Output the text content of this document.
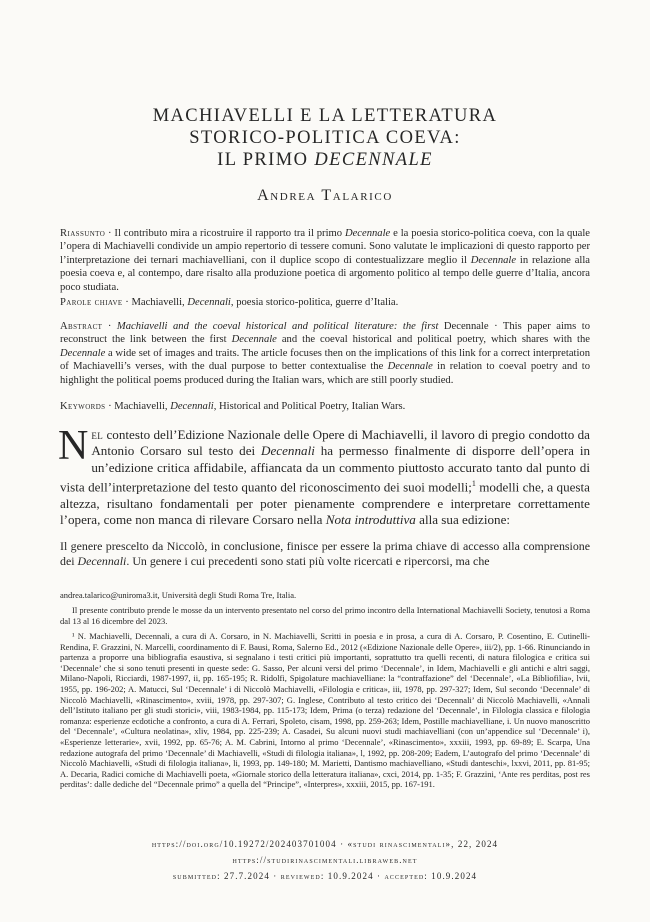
MACHIAVELLI E LA LETTERATURA
STORICO-POLITICA COEVA:
IL PRIMO DECENNALE
Andrea Talarico
Riassunto · Il contributo mira a ricostruire il rapporto tra il primo Decennale e la poesia storico-politica coeva, con la quale l’opera di Machiavelli condivide un ampio repertorio di tessere comuni. Sono valutate le implicazioni di questo rapporto per l’interpretazione dei ternari machiavelliani, con il duplice scopo di contestualizzare meglio il Decennale in relazione alla poesia coeva e, al contempo, dare risalto alla produzione poetica di argomento politico al tempo delle guerre d’Italia, ancora poco studiata.
Parole chiave · Machiavelli, Decennali, poesia storico-politica, guerre d’Italia.
Abstract · Machiavelli and the coeval historical and political literature: the first Decennale · This paper aims to reconstruct the link between the first Decennale and the coeval historical and political poetry, which shares with the Decennale a wide set of images and traits. The article focuses then on the implications of this link for a correct interpretation of Machiavelli’s verses, with the dual purpose to better contextualise the Decennale in relation to coeval poetry and to highlight the political poems produced during the Italian wars, which are still poorly studied.
Keywords · Machiavelli, Decennali, Historical and Political Poetry, Italian Wars.
Nel contesto dell’Edizione Nazionale delle Opere di Machiavelli, il lavoro di pregio condotto da Antonio Corsaro sul testo dei Decennali ha permesso finalmente di disporre dell’opera in un’edizione critica affidabile, affiancata da un commento piuttosto accurato tanto dal punto di vista dell’interpretazione del testo quanto del riconoscimento dei suoi modelli;$^1$ modelli che, a questa altezza, risultano fondamentali per poter pienamente comprendere e interpretare correttamente l’opera, come non manca di rilevare Corsaro nella Nota introduttiva alla sua edizione:
Il genere prescelto da Niccolò, in conclusione, finisce per essere la prima chiave di accesso alla comprensione dei Decennali. Un genere i cui precedenti sono stati più volte ricercati e ripercorsi, ma che
andrea.talarico@uniroma3.it, Università degli Studi Roma Tre, Italia.
Il presente contributo prende le mosse da un intervento presentato nel corso del primo incontro della International Machiavelli Society, tenutosi a Roma dal 13 al 16 dicembre del 2023.
¹ N. Machiavelli, Decennali, a cura di A. Corsaro, in N. Machiavelli, Scritti in poesia e in prosa, a cura di A. Corsaro, P. Cosentino, E. Cutinelli-Rendina, F. Grazzini, N. Marcelli, coordinamento di F. Bausi, Roma, Salerno Ed., 2012 («Edizione Nazionale delle Opere», iii/2), pp. 1-66. Rinunciando in partenza a proporre una bibliografia esaustiva, si segnalano i testi critici più importanti, soprattutto tra quelli recenti, di natura filologica e critica sui ‘Decennale’ che si sono tenuti presenti in queste sede: G. Sasso, Per alcuni versi del primo ‘Decennale’, in Idem, Machiavelli e gli antichi e altri saggi, Milano-Napoli, Ricciardi, 1987-1997, ii, pp. 165-195; R. Ridolfi, Spigolature machiavelliane: la “contraffazione” del ‘Decennale’, «La Bibliofilia», lvii, 1955, pp. 196-202; A. Matucci, Sul ‘Decennale’ i di Niccolò Machiavelli, «Filologia e critica», iii, 1978, pp. 297-327; Idem, Sul secondo ‘Decennale’ di Niccolò Machiavelli, «Rinascimento», xviii, 1978, pp. 297-307; G. Inglese, Contributo al testo critico dei ‘Decennali’ di Niccolò Machiavelli, «Annali dell’Istituto italiano per gli studi storici», viii, 1983-1984, pp. 115-173; Idem, Prima (o terza) redazione del ‘Decennale’, in Filologia classica e filologia romanza: esperienze ecdotiche a confronto, a cura di A. Ferrari, Spoleto, cisam, 1998, pp. 259-263; Idem, Postille machiavelliane, i. Un nuovo manoscritto del ‘Decennale’, «Cultura neolatina», xliv, 1984, pp. 225-239; A. Casadei, Su alcuni nuovi studi machiavelliani (con un’appendice sul ‘Decennale’ i), «Esperienze letterarie», xvii, 1992, pp. 65-76; A. M. Cabrini, Intorno al primo ‘Decennale’, «Rinascimento», xxxiii, 1993, pp. 69-89; E. Scarpa, Una redazione autografa del primo ‘Decennale’ di Machiavelli, «Studi di filologia italiana», l, 1992, pp. 208-209; Eadem, L’autografo del primo ‘Decennale’ di Niccolò Machiavelli, «Studi di filologia italiana», li, 1993, pp. 149-180; M. Marietti, Dantismo machiavelliano, «Studi danteschi», lxxvi, 2011, pp. 81-95; A. Decaria, Radici comiche di Machiavelli poeta, «Giornale storico della letteratura italiana», cxci, 2014, pp. 1-35; F. Grazzini, ‘Ante res perditas, post res perditas’: dalle dediche del “Decennale primo” a quella del “Principe”, «Interpres», xxxiii, 2015, pp. 167-191.
https://doi.org/10.19272/202403701004 · «studi rinascimentali», 22, 2024
https://studirinascimentali.libraweb.net
submitted: 27.7.2024 · reviewed: 10.9.2024 · accepted: 10.9.2024
